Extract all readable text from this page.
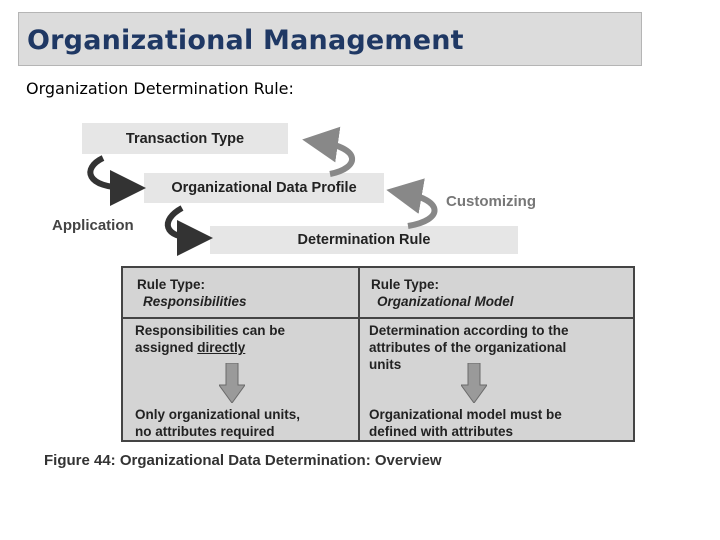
Organizational Management
Organization Determination Rule:
Transaction Type
Organizational Data Profile
Determination Rule
Customizing
Application
Rule Type:
Responsibilities
Rule Type:
Organizational Model
Responsibilities can be
assigned directly
Determination according to the
attributes of the organizational
units
Only organizational units,
no attributes required
Organizational model must be
defined with attributes
Figure 44: Organizational Data Determination: Overview
